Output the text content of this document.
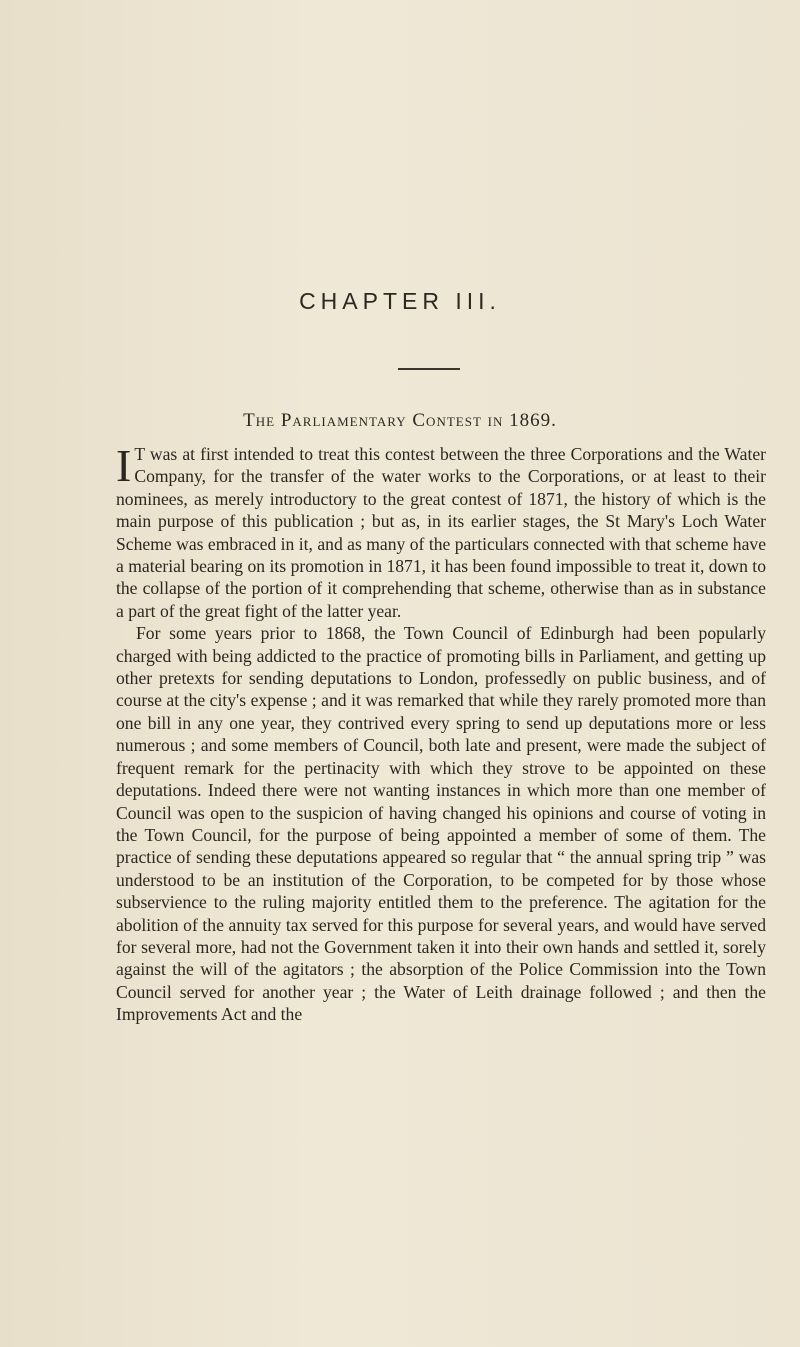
CHAPTER III.
The Parliamentary Contest in 1869.

I T was at first intended to treat this contest between the three Corporations and the Water Company, for the transfer of the water works to the Corporations, or at least to their nominees, as merely introductory to the great contest of 1871, the history of which is the main purpose of this publication ; but as, in its earlier stages, the St Mary's Loch Water Scheme was embraced in it, and as many of the particulars connected with that scheme have a material bearing on its promotion in 1871, it has been found impossible to treat it, down to the collapse of the portion of it comprehending that scheme, otherwise than as in substance a part of the great fight of the latter year.

For some years prior to 1868, the Town Council of Edinburgh had been popularly charged with being addicted to the practice of promoting bills in Parliament, and getting up other pretexts for sending deputations to London, professedly on public business, and of course at the city's expense ; and it was remarked that while they rarely promoted more than one bill in any one year, they contrived every spring to send up deputations more or less numerous ; and some members of Council, both late and present, were made the subject of frequent remark for the pertinacity with which they strove to be appointed on these deputations. Indeed there were not wanting instances in which more than one member of Council was open to the suspicion of having changed his opinions and course of voting in the Town Council, for the purpose of being appointed a member of some of them. The practice of sending these deputations appeared so regular that “ the annual spring trip ” was understood to be an institution of the Corporation, to be competed for by those whose subservience to the ruling majority entitled them to the preference. The agitation for the abolition of the annuity tax served for this purpose for several years, and would have served for several more, had not the Government taken it into their own hands and settled it, sorely against the will of the agitators ; the absorption of the Police Commission into the Town Council served for another year ; the Water of Leith drainage followed ; and then the Improvements Act and the
